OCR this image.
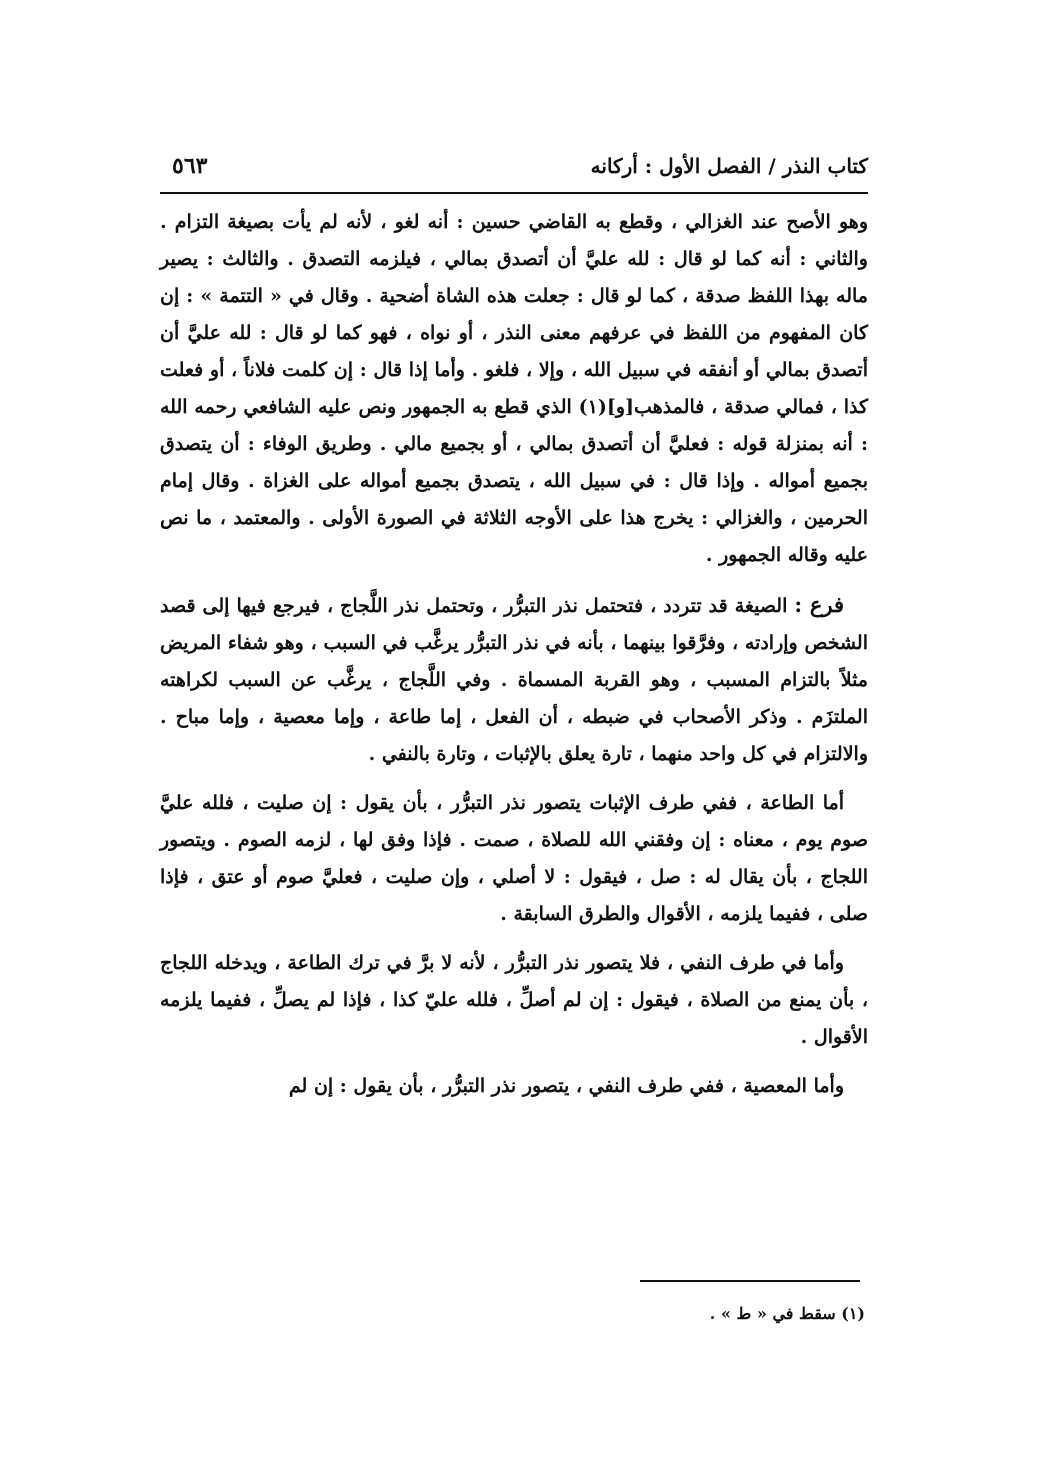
كتاب النذر / الفصل الأول : أركانه
٥٦٣

وهو الأصح عند الغزالي ، وقطع به القاضي حسين : أنه لغو ، لأنه لم يأت بصيغة التزام . والثاني : أنه كما لو قال : لله عليَّ أن أتصدق بمالي ، فيلزمه التصدق . والثالث : يصير ماله بهذا اللفظ صدقة ، كما لو قال : جعلت هذه الشاة أضحية . وقال في « التتمة » : إن كان المفهوم من اللفظ في عرفهم معنى النذر ، أو نواه ، فهو كما لو قال : لله عليَّ أن أتصدق بمالي أو أنفقه في سبيل الله ، وإلا ، فلغو . وأما إذا قال : إن كلمت فلاناً ، أو فعلت كذا ، فمالي صدقة ، فالمذهب[و](١) الذي قطع به الجمهور ونص عليه الشافعي رحمه الله : أنه بمنزلة قوله : فعليَّ أن أتصدق بمالي ، أو بجميع مالي . وطريق الوفاء : أن يتصدق بجميع أمواله . وإذا قال : في سبيل الله ، يتصدق بجميع أمواله على الغزاة . وقال إمام الحرمين ، والغزالي : يخرج هذا على الأوجه الثلاثة في الصورة الأولى . والمعتمد ، ما نص عليه وقاله الجمهور .

فرع : الصيغة قد تتردد ، فتحتمل نذر التبرُّر ، وتحتمل نذر اللَّجاج ، فيرجع فيها إلى قصد الشخص وإرادته ، وفرَّقوا بينهما ، بأنه في نذر التبرُّر يرغَّب في السبب ، وهو شفاء المريض مثلاً بالتزام المسبب ، وهو القربة المسماة . وفي اللَّجاج ، يرغَّب عن السبب لكراهته الملتزَم . وذكر الأصحاب في ضبطه ، أن الفعل ، إما طاعة ، وإما معصية ، وإما مباح . والالتزام في كل واحد منهما ، تارة يعلق بالإثبات ، وتارة بالنفي .

أما الطاعة ، ففي طرف الإثبات يتصور نذر التبرُّر ، بأن يقول : إن صليت ، فلله عليَّ صوم يوم ، معناه : إن وفقني الله للصلاة ، صمت . فإذا وفق لها ، لزمه الصوم . ويتصور اللجاج ، بأن يقال له : صل ، فيقول : لا أصلي ، وإن صليت ، فعليَّ صوم أو عتق ، فإذا صلى ، ففيما يلزمه ، الأقوال والطرق السابقة .

وأما في طرف النفي ، فلا يتصور نذر التبرُّر ، لأنه لا برَّ في ترك الطاعة ، ويدخله اللجاج ، بأن يمنع من الصلاة ، فيقول : إن لم أصلِّ ، فلله عليّ كذا ، فإذا لم يصلِّ ، ففيما يلزمه الأقوال .

وأما المعصية ، ففي طرف النفي ، يتصور نذر التبرُّر ، بأن يقول : إن لم

(١) سقط في « ط » .
